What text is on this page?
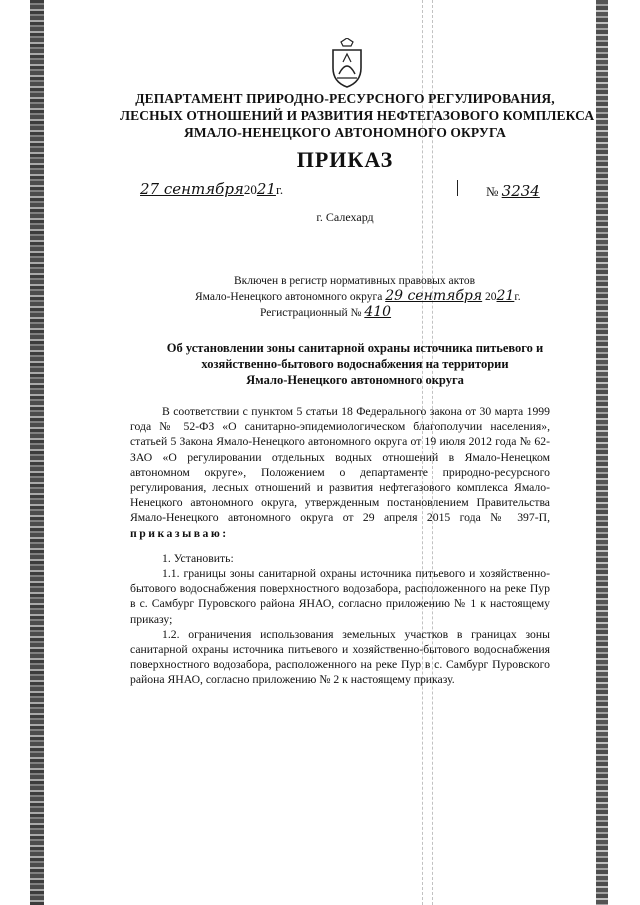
ДЕПАРТАМЕНТ ПРИРОДНО-РЕСУРСНОГО РЕГУЛИРОВАНИЯ,
ЛЕСНЫХ ОТНОШЕНИЙ И РАЗВИТИЯ НЕФТЕГАЗОВОГО КОМПЛЕКСА
ЯМАЛО-НЕНЕЦКОГО АВТОНОМНОГО ОКРУГА
ПРИКАЗ
27 сентября2021г.	№ 3234
г. Салехард
Включен в регистр нормативных правовых актов
Ямало-Ненецкого автономного округа 29 сентября 2021г.
Регистрационный № 410
Об установлении зоны санитарной охраны источника питьевого и
хозяйственно-бытового водоснабжения на территории
Ямало-Ненецкого автономного округа

В соответствии с пунктом 5 статьи 18 Федерального закона от 30 марта 1999 года № 52-ФЗ «О санитарно-эпидемиологическом благополучии населения», статьей 5 Закона Ямало-Ненецкого автономного округа от 19 июля 2012 года № 62-ЗАО «О регулировании отдельных водных отношений в Ямало-Ненецком автономном округе», Положением о департаменте природно-ресурсного регулирования, лесных отношений и развития нефтегазового комплекса Ямало-Ненецкого автономного округа, утвержденным постановлением Правительства Ямало-Ненецкого автономного округа от 29 апреля 2015 года № 397-П, приказываю:

1. Установить:

1.1. границы зоны санитарной охраны источника питьевого и хозяйственно-бытового водоснабжения поверхностного водозабора, расположенного на реке Пур в с. Самбург Пуровского района ЯНАО, согласно приложению № 1 к настоящему приказу;

1.2. ограничения использования земельных участков в границах зоны санитарной охраны источника питьевого и хозяйственно-бытового водоснабжения поверхностного водозабора, расположенного на реке Пур в с. Самбург Пуровского района ЯНАО, согласно приложению № 2 к настоящему приказу.
